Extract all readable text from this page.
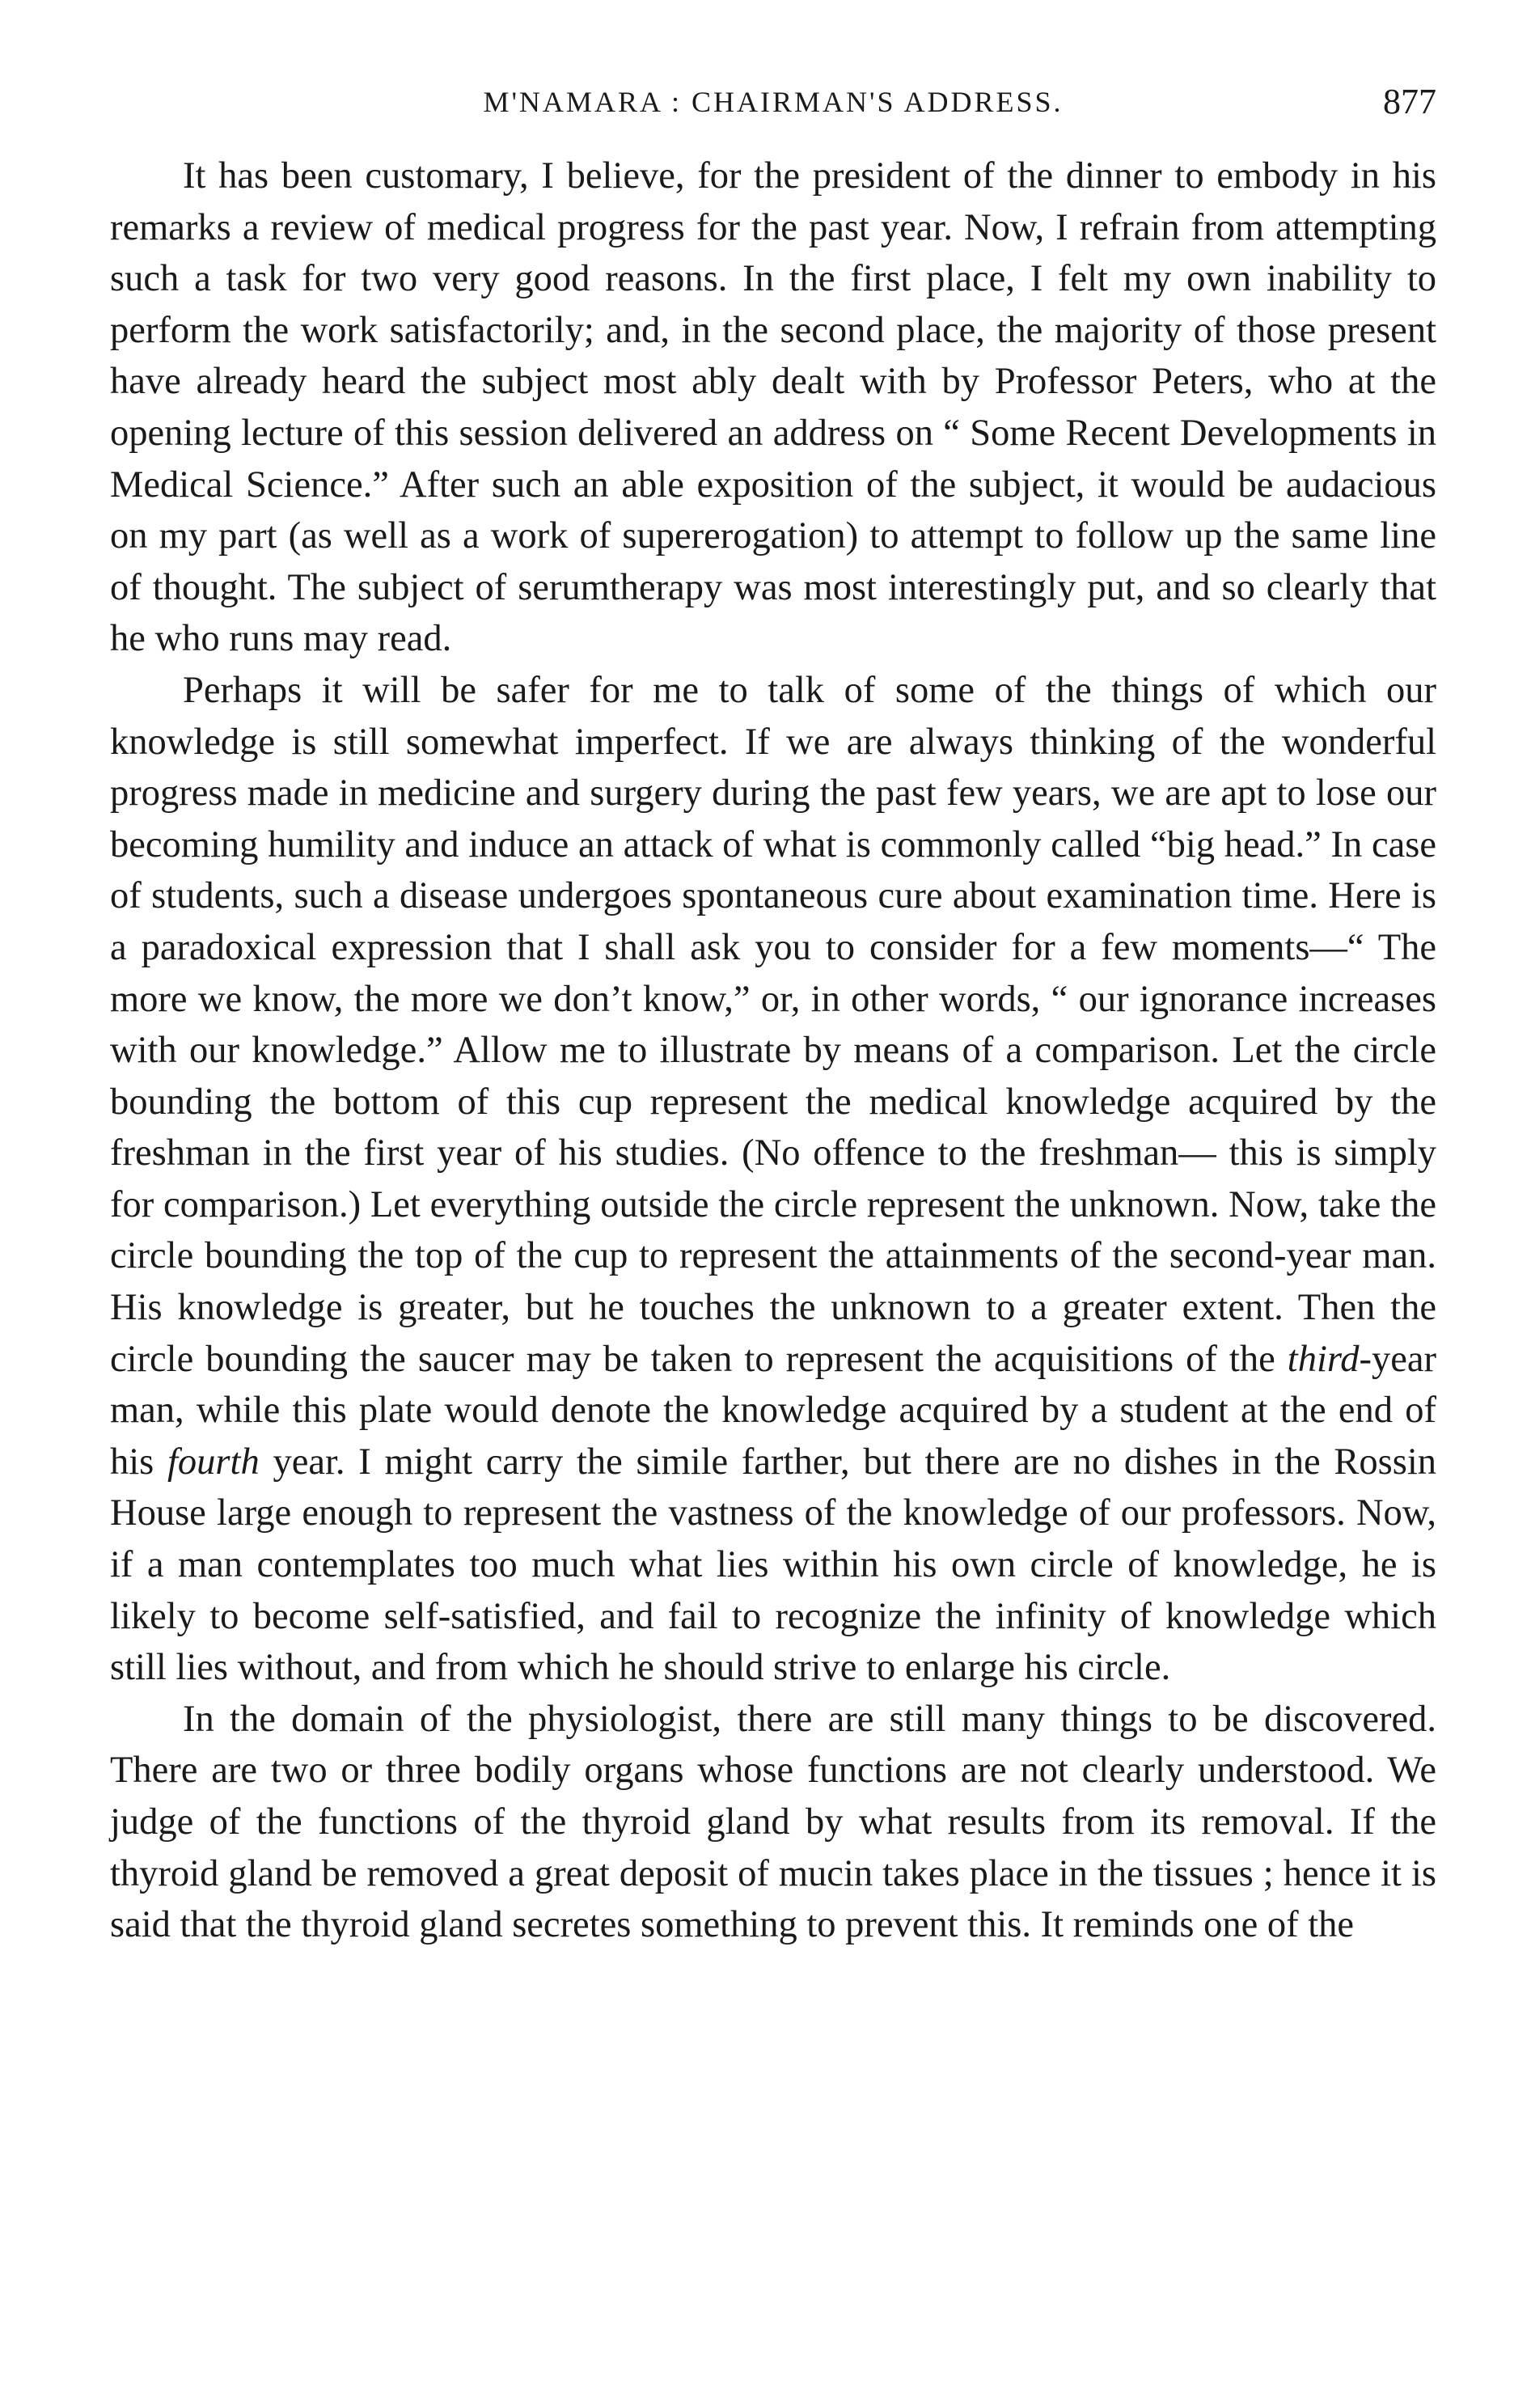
M'NAMARA : CHAIRMAN'S ADDRESS.	877

It has been customary, I believe, for the president of the dinner to embody in his remarks a review of medical progress for the past year. Now, I refrain from attempting such a task for two very good reasons. In the first place, I felt my own inability to perform the work satisfactorily; and, in the second place, the majority of those present have already heard the subject most ably dealt with by Professor Peters, who at the opening lecture of this session delivered an address on “ Some Recent Developments in Medical Science.” After such an able exposition of the subject, it would be audacious on my part (as well as a work of supererogation) to attempt to follow up the same line of thought. The subject of serumtherapy was most interestingly put, and so clearly that he who runs may read.

Perhaps it will be safer for me to talk of some of the things of which our knowledge is still somewhat imperfect. If we are always thinking of the wonderful progress made in medicine and surgery during the past few years, we are apt to lose our becoming humility and induce an attack of what is commonly called “big head.” In case of students, such a disease undergoes spontaneous cure about examination time. Here is a paradoxical expression that I shall ask you to consider for a few moments—“ The more we know, the more we don’t know,” or, in other words, “ our ignorance increases with our knowledge.” Allow me to illustrate by means of a comparison. Let the circle bounding the bottom of this cup represent the medical knowledge acquired by the freshman in the first year of his studies. (No offence to the freshman— this is simply for comparison.) Let everything outside the circle represent the unknown. Now, take the circle bounding the top of the cup to represent the attainments of the second-year man. His knowledge is greater, but he touches the unknown to a greater extent. Then the circle bounding the saucer may be taken to represent the acquisitions of the third-year man, while this plate would denote the knowledge acquired by a student at the end of his fourth year. I might carry the simile farther, but there are no dishes in the Rossin House large enough to represent the vastness of the knowledge of our professors. Now, if a man contemplates too much what lies within his own circle of knowledge, he is likely to become self-satisfied, and fail to recognize the infinity of knowledge which still lies without, and from which he should strive to enlarge his circle.

In the domain of the physiologist, there are still many things to be discovered. There are two or three bodily organs whose functions are not clearly understood. We judge of the functions of the thyroid gland by what results from its removal. If the thyroid gland be removed a great deposit of mucin takes place in the tissues ; hence it is said that the thyroid gland secretes something to prevent this. It reminds one of the
